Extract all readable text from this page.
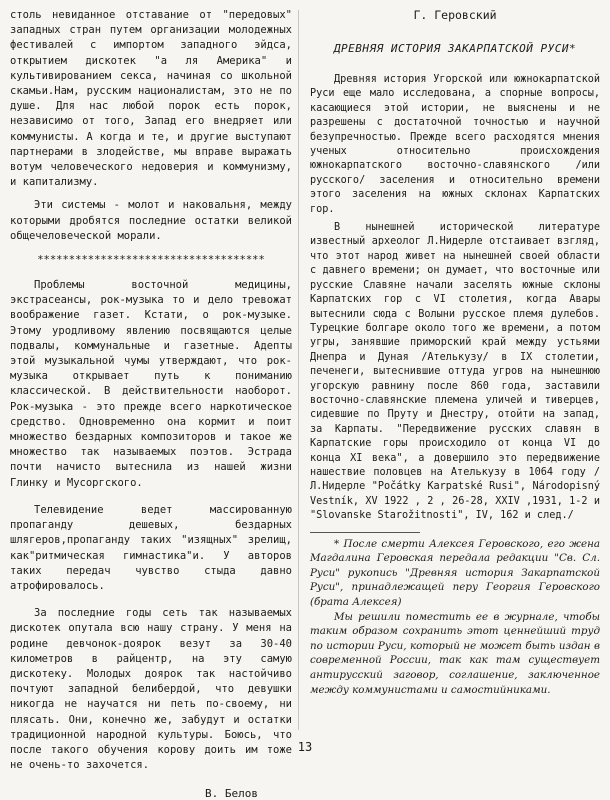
столь невиданное отставание от "передовых" западных стран путем организации молодежных фестивалей с импортом западного эйдса, открытием дискотек "а ля Америка" и культивированием секса, начиная со школьной скамьи.Нам, русским националистам, это не по душе. Для нас любой порок есть порок, независимо от того, Запад его внедряет или коммунисты. А когда и те, и другие выступают партнерами в злодействе, мы вправе выражать вотум человеческого недоверия и коммунизму, и капитализму.

Эти системы - молот и наковальня, между которыми дробятся последние остатки великой общечеловеческой морали.

************************************

Проблемы восточной медицины, экстрасеансы, рок-музыка то и дело тревожат воображение газет. Кстати, о рок-музыке. Этому уродливому явлению посвящаются целые подвалы, коммунальные и газетные. Адепты этой музыкальной чумы утверждают, что рок-музыка открывает путь к пониманию классической. В действительности наоборот. Рок-музыка - это прежде всего наркотическое средство. Одновременно она кормит и поит множество бездарных композиторов и такое же множество так называемых поэтов. Эстрада почти начисто вытеснила из нашей жизни Глинку и Мусоргского.

Телевидение ведет массированную пропаганду дешевых, бездарных шлягеров,пропаганду таких "изящных" зрелищ, как"ритмическая гимнастика"и. У авторов таких передач чувство стыда давно атрофировалось.

За последние годы сеть так называемых дискотек опутала всю нашу страну. У меня на родине девчонок-доярок везут за 30-40 километров в райцентр, на эту самую дискотеку. Молодых доярок так настойчиво почтуют западной белибердой, что девушки никогда не научатся ни петь по-своему, ни плясать. Они, конечно же, забудут и остатки традиционной народной культуры. Боюсь, что после такого обучения корову доить им тоже не очень-то захочется.

В. Белов
Г. Геровский
ДРЕВНЯЯ ИСТОРИЯ ЗАКАРПАТСКОЙ РУСИ*

Древняя история Угорской или южнокарпатской Руси еще мало исследована, а спорные вопросы, касающиеся этой истории, не выяснены и не разрешены с достаточной точностью и научной безупречностью. Прежде всего расходятся мнения ученых относительно происхождения южнокарпатского восточно-славянского /или русского/ заселения и относительно времени этого заселения на южных склонах Карпатских гор.

В нынешней исторической литературе известный археолог Л.Нидерле отстаивает взгляд, что этот народ живет на нынешней своей области с давнего времени; он думает, что восточные или русские Славяне начали заселять южные склоны Карпатских гор с VI столетия, когда Авары вытеснили сюда с Волыни русское племя дулебов. Турецкие болгаре около того же времени, а потом угры, занявшие приморский край между устьями Днепра и Дуная /Ателькузу/ в IX столетии, печенеги, вытеснившие оттуда угров на нынешнюю угорскую равнину после 860 года, заставили восточно-славянские племена уличей и тиверцев, сидевшие по Пруту и Днестру, отойти на запад, за Карпаты. "Передвижение русских славян в Карпатские горы происходило от конца VI до конца XI века", а довершило это передвижение нашествие половцев на Ателькузу в 1064 году /Л.Нидерле "Počátky Karpatské Rusi", Národopisný Vestník, XV 1922 , 2 , 26-28, XXIV ,1931, 1-2 и "Slovanske Starožitnosti", IV, 162 и след./

* После смерти Алексея Геровского, его жена Магдалина Геровская передала редакции "Св. Сл. Руси" рукопись "Древняя история Закарпатской Руси", принадлежащей перу Георгия Геровского (брата Алексея)

Мы решили поместить ее в журнале, чтобы таким образом сохранить этот ценнейший труд по истории Руси, который не может быть издан в современной России, так как там существует антирусский заговор, соглашение, заключенное между коммунистами и самостийниками.

13
